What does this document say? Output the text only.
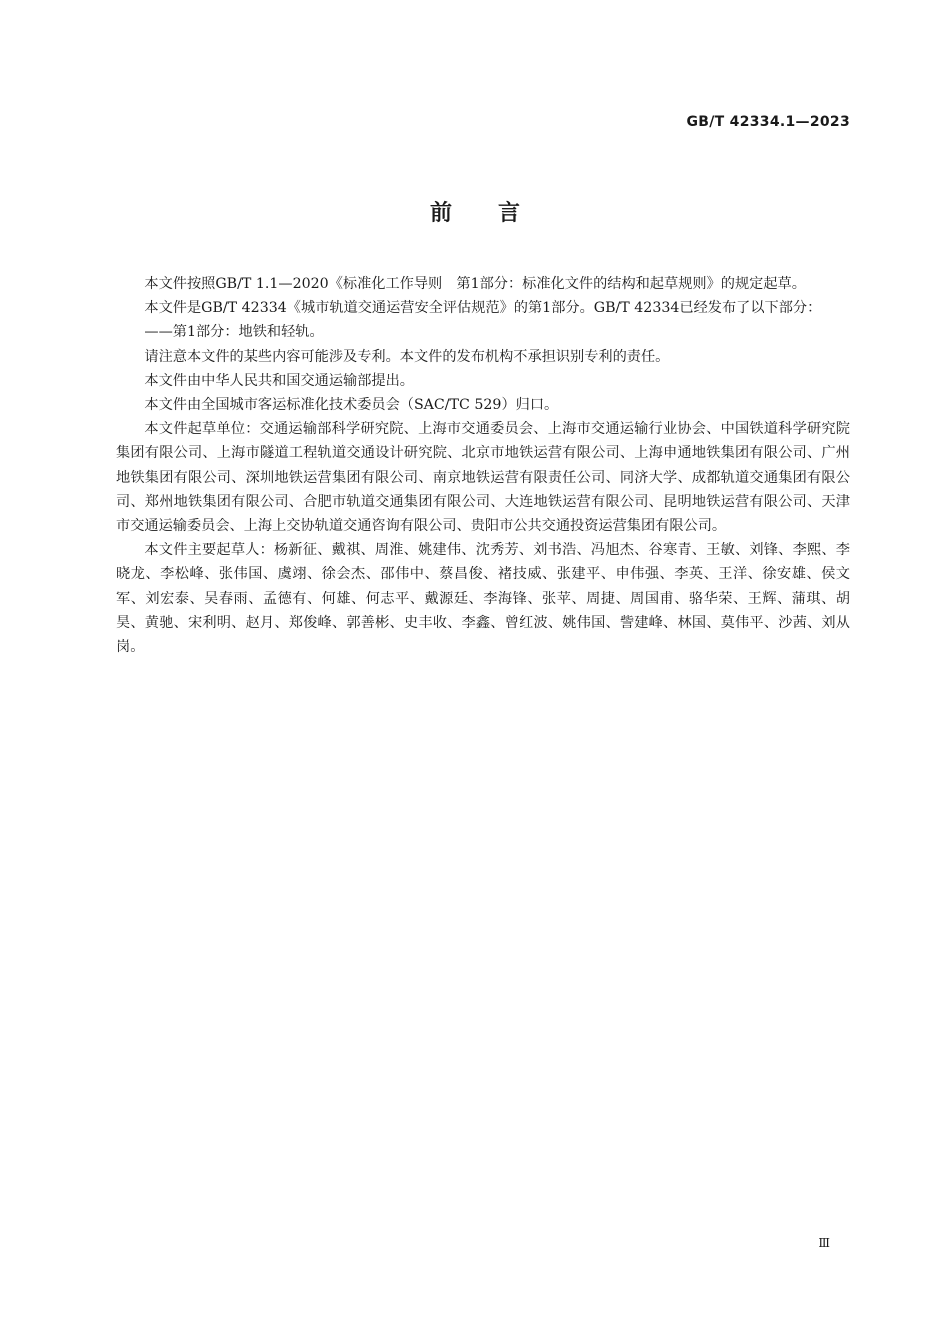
GB/T 42334.1—2023
前言

本文件按照GB/T 1.1—2020《标准化工作导则　第1部分：标准化文件的结构和起草规则》的规定起草。

本文件是GB/T 42334《城市轨道交通运营安全评估规范》的第1部分。GB/T 42334已经发布了以下部分：

——第1部分：地铁和轻轨。

请注意本文件的某些内容可能涉及专利。本文件的发布机构不承担识别专利的责任。

本文件由中华人民共和国交通运输部提出。

本文件由全国城市客运标准化技术委员会（SAC/TC 529）归口。

本文件起草单位：交通运输部科学研究院、上海市交通委员会、上海市交通运输行业协会、中国铁道科学研究院集团有限公司、上海市隧道工程轨道交通设计研究院、北京市地铁运营有限公司、上海申通地铁集团有限公司、广州地铁集团有限公司、深圳地铁运营集团有限公司、南京地铁运营有限责任公司、同济大学、成都轨道交通集团有限公司、郑州地铁集团有限公司、合肥市轨道交通集团有限公司、大连地铁运营有限公司、昆明地铁运营有限公司、天津市交通运输委员会、上海上交协轨道交通咨询有限公司、贵阳市公共交通投资运营集团有限公司。

本文件主要起草人：杨新征、戴祺、周淮、姚建伟、沈秀芳、刘书浩、冯旭杰、谷寒青、王敏、刘锋、李熙、李晓龙、李松峰、张伟国、虞翊、徐会杰、邵伟中、蔡昌俊、褚技威、张建平、申伟强、李英、王洋、徐安雄、侯文军、刘宏泰、吴春雨、孟德有、何雄、何志平、戴源廷、李海锋、张苹、周捷、周国甫、骆华荣、王辉、蒲琪、胡昊、黄驰、宋利明、赵月、郑俊峰、郭善彬、史丰收、李鑫、曾红波、姚伟国、訾建峰、林国、莫伟平、沙茜、刘从岗。

Ⅲ
